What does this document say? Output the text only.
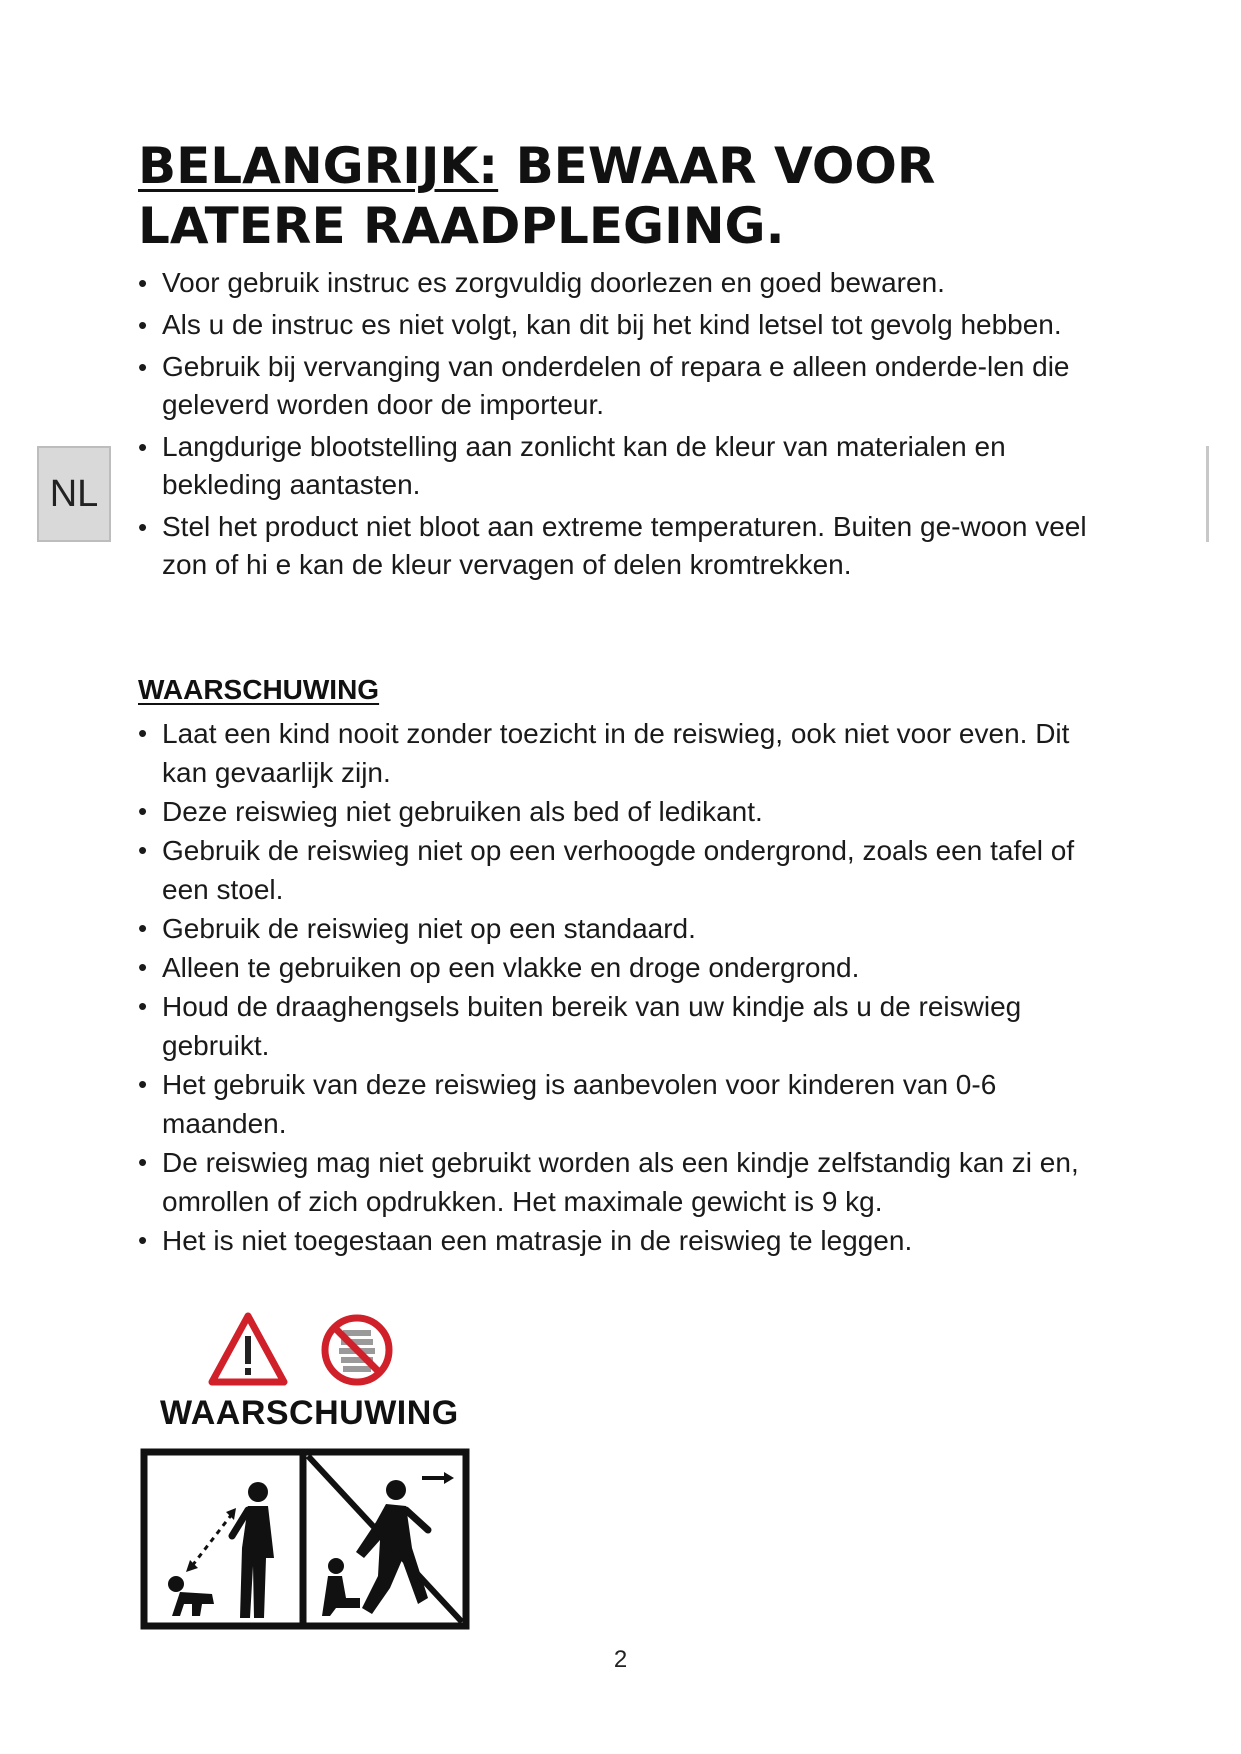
BELANGRIJK: BEWAAR VOOR
LATERE RAADPLEGING.
NL
• Voor gebruik instruc es zorgvuldig doorlezen en goed bewaren.
• Als u de instruc es niet volgt, kan dit bij het kind letsel tot gevolg hebben.
• Gebruik bij vervanging van onderdelen of repara e alleen onderde-len die geleverd worden door de importeur.
• Langdurige blootstelling aan zonlicht kan de kleur van materialen en bekleding aantasten.
• Stel het product niet bloot aan extreme temperaturen. Buiten ge-woon veel zon of hi e kan de kleur vervagen of delen kromtrekken.
WAARSCHUWING
• Laat een kind nooit zonder toezicht in de reiswieg, ook niet voor even. Dit kan gevaarlijk zijn.
• Deze reiswieg niet gebruiken als bed of ledikant.
• Gebruik de reiswieg niet op een verhoogde ondergrond, zoals een tafel of een stoel.
• Gebruik de reiswieg niet op een standaard.
• Alleen te gebruiken op een vlakke en droge ondergrond.
• Houd de draaghengsels buiten bereik van uw kindje als u de reiswieg gebruikt.
• Het gebruik van deze reiswieg is aanbevolen voor kinderen van 0-6 maanden.
• De reiswieg mag niet gebruikt worden als een kindje zelfstandig kan zi en, omrollen of zich opdrukken. Het maximale gewicht is 9 kg.
• Het is niet toegestaan een matrasje in de reiswieg te leggen.
WAARSCHUWING
2
